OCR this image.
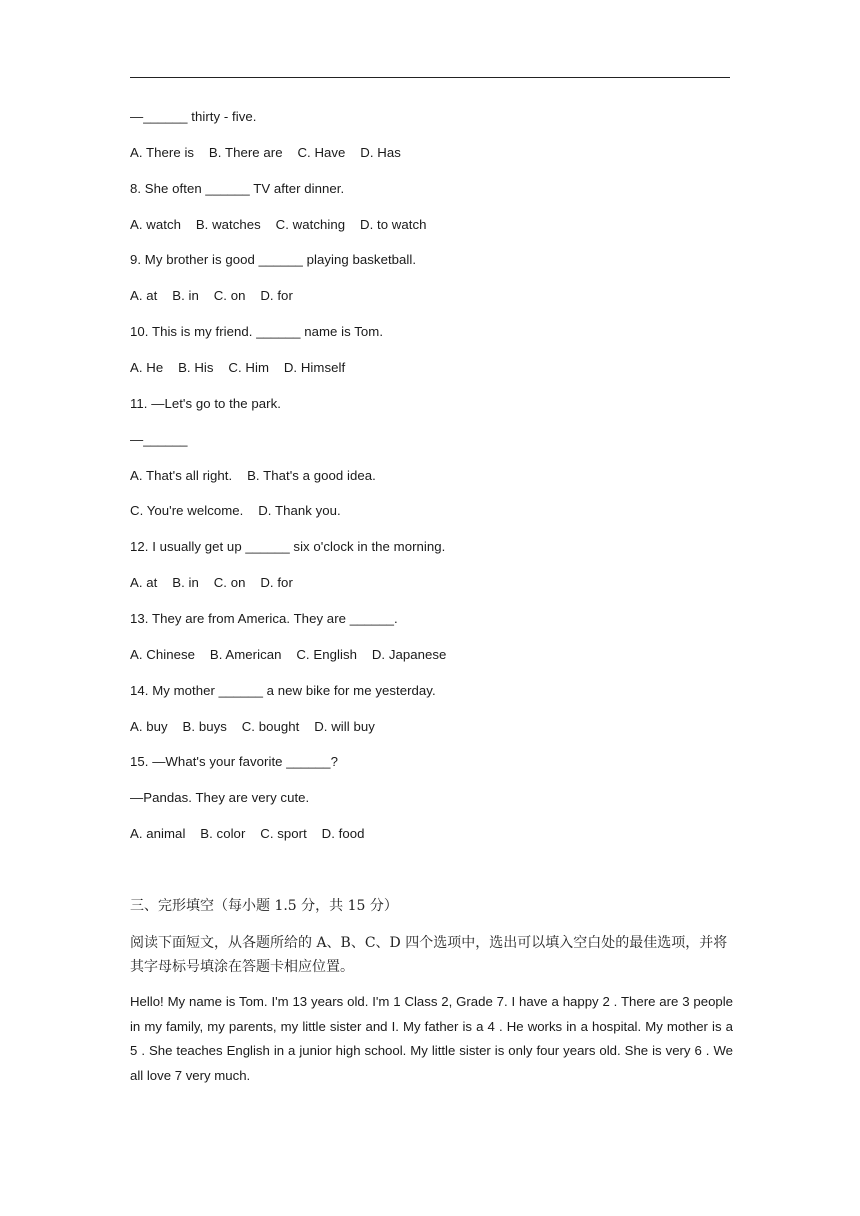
—______ thirty - five.
A. There is    B. There are    C. Have    D. Has
8. She often ______ TV after dinner.
A. watch    B. watches    C. watching    D. to watch
9. My brother is good ______ playing basketball.
A. at    B. in    C. on    D. for
10. This is my friend. ______ name is Tom.
A. He    B. His    C. Him    D. Himself
11. —Let's go to the park.
—______
A. That's all right.    B. That's a good idea.
C. You're welcome.    D. Thank you.
12. I usually get up ______ six o'clock in the morning.
A. at    B. in    C. on    D. for
13. They are from America. They are ______.
A. Chinese    B. American    C. English    D. Japanese
14. My mother ______ a new bike for me yesterday.
A. buy    B. buys    C. bought    D. will buy
15. —What's your favorite ______?
—Pandas. They are very cute.
A. animal    B. color    C. sport    D. food
三、完形填空（每小题 1.5 分，共 15 分）
阅读下面短文，从各题所给的 A、B、C、D 四个选项中，选出可以填入空白处的最佳选项，并将其字母标号填涂在答题卡相应位置。
Hello! My name is Tom. I'm 13 years old. I'm 1 Class 2, Grade 7. I have a happy 2 . There are 3 people in my family, my parents, my little sister and I. My father is a 4 . He works in a hospital. My mother is a 5 . She teaches English in a junior high school. My little sister is only four years old. She is very 6 . We all love 7 very much.
